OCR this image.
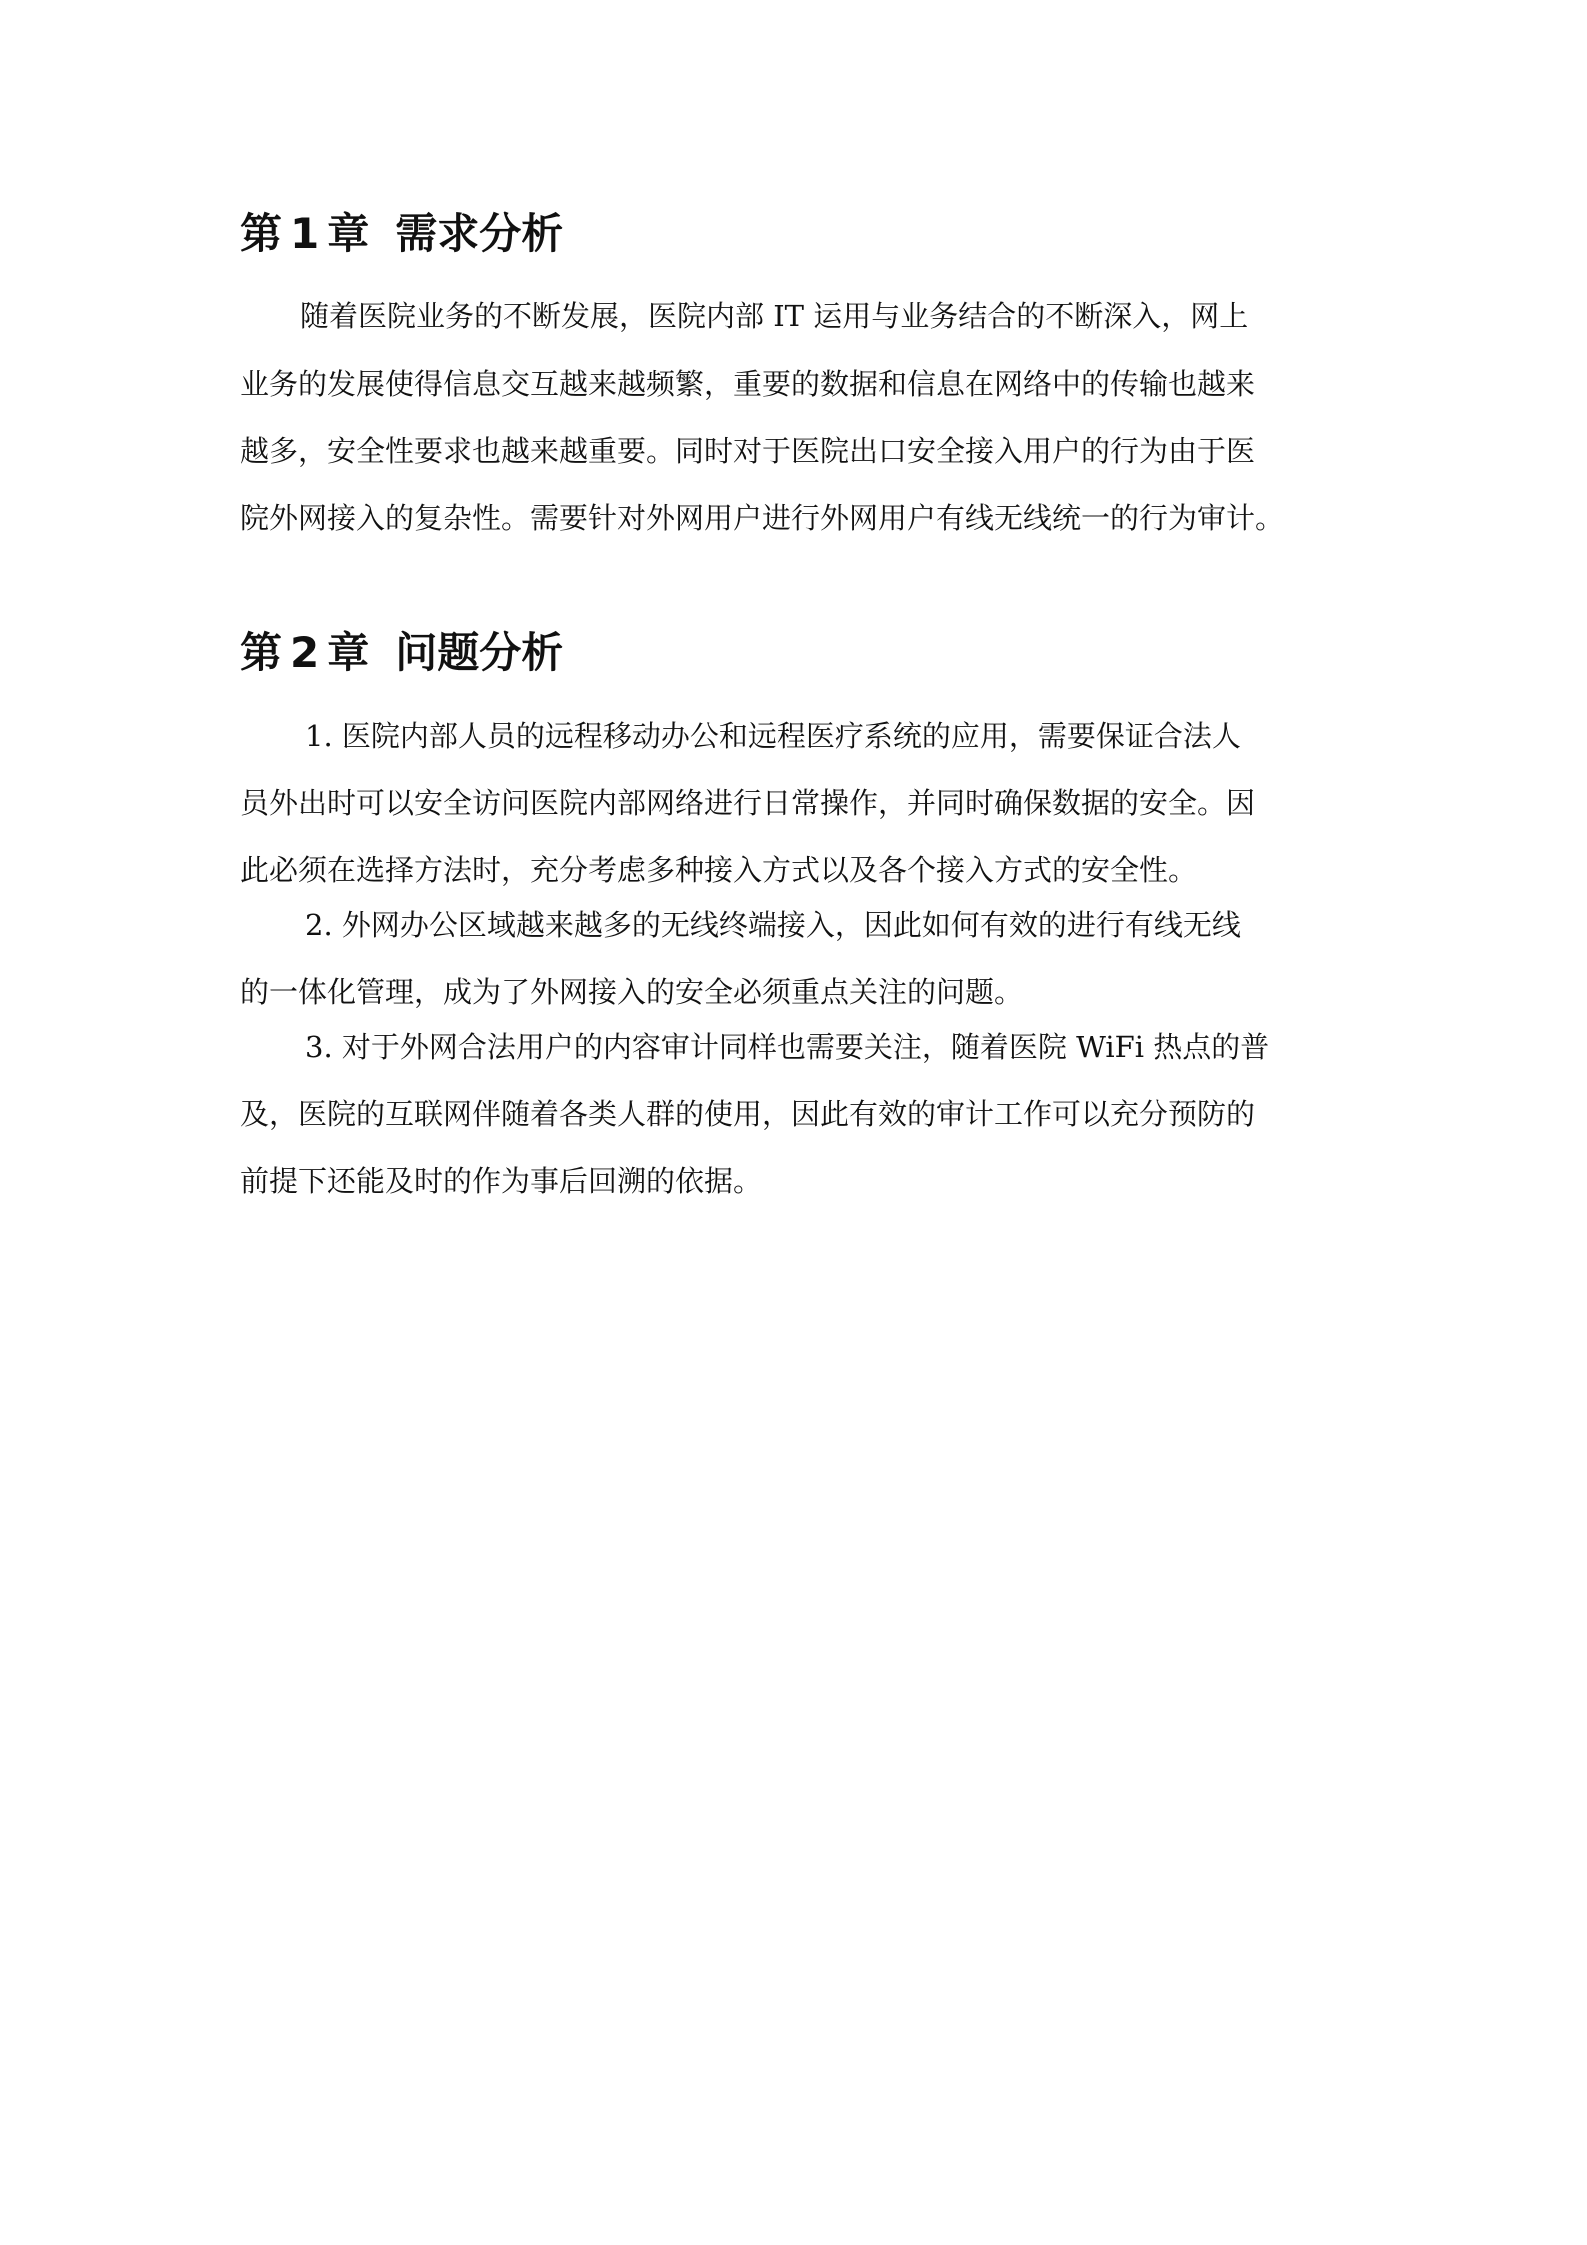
第 1 章 需求分析
随着医院业务的不断发展，医院内部 IT 运用与业务结合的不断深入，网上
业务的发展使得信息交互越来越频繁，重要的数据和信息在网络中的传输也越来
越多，安全性要求也越来越重要。同时对于医院出口安全接入用户的行为由于医
院外网接入的复杂性。需要针对外网用户进行外网用户有线无线统一的行为审计。
第 2 章 问题分析
1. 医院内部人员的远程移动办公和远程医疗系统的应用，需要保证合法人
员外出时可以安全访问医院内部网络进行日常操作，并同时确保数据的安全。因
此必须在选择方法时，充分考虑多种接入方式以及各个接入方式的安全性。
2. 外网办公区域越来越多的无线终端接入，因此如何有效的进行有线无线
的一体化管理，成为了外网接入的安全必须重点关注的问题。
3. 对于外网合法用户的内容审计同样也需要关注，随着医院 WiFi 热点的普
及，医院的互联网伴随着各类人群的使用，因此有效的审计工作可以充分预防的
前提下还能及时的作为事后回溯的依据。
